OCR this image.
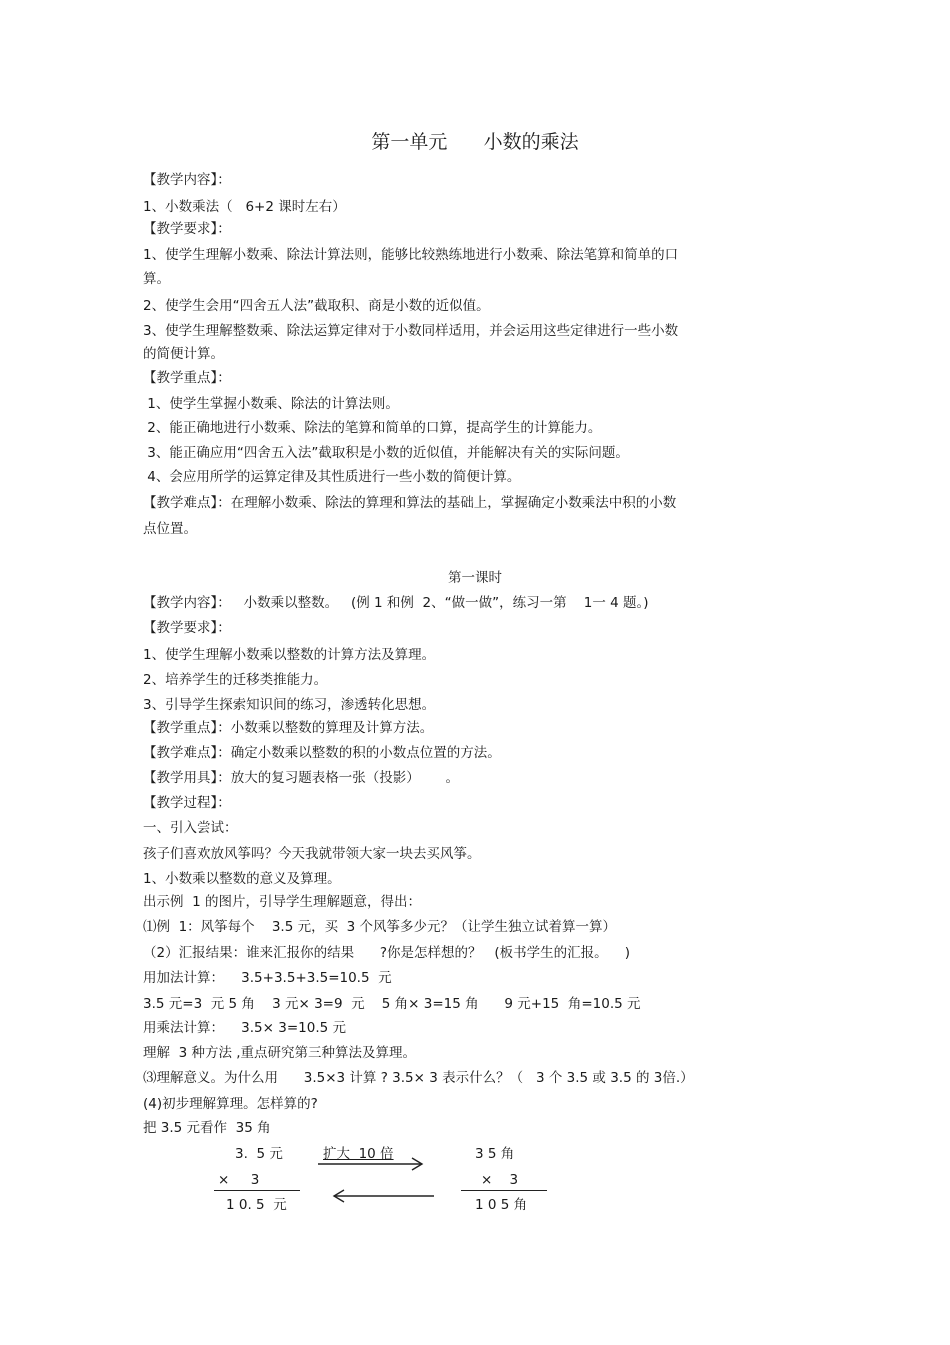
第一单元      小数的乘法
【教学内容】：
1、小数乘法（   6+2 课时左右）
【教学要求】：
1、使学生理解小数乘、除法计算法则，能够比较熟练地进行小数乘、除法笔算和简单的口
算。
2、使学生会用“四舍五人法”截取积、商是小数的近似值。
3、使学生理解整数乘、除法运算定律对于小数同样适用，并会运用这些定律进行一些小数
的简便计算。
【教学重点】：
1、使学生掌握小数乘、除法的计算法则。
2、能正确地进行小数乘、除法的笔算和简单的口算，提高学生的计算能力。
3、能正确应用“四舍五入法”截取积是小数的近似值，并能解决有关的实际问题。
4、会应用所学的运算定律及其性质进行一些小数的简便计算。
【教学难点】：在理解小数乘、除法的算理和算法的基础上，掌握确定小数乘法中积的小数
点位置。
第一课时
【教学内容】：   小数乘以整数。   (例 1 和例  2、“做一做”，练习一第    1一 4 题。)
【教学要求】：
1、使学生理解小数乘以整数的计算方法及算理。
2、培养学生的迁移类推能力。
3、引导学生探索知识间的练习，渗透转化思想。
【教学重点】：小数乘以整数的算理及计算方法。
【教学难点】：确定小数乘以整数的积的小数点位置的方法。
【教学用具】：放大的复习题表格一张（投影）      。
【教学过程】：
一、引入尝试：
孩子们喜欢放风筝吗？今天我就带领大家一块去买风筝。
1、小数乘以整数的意义及算理。
出示例  1 的图片，引导学生理解题意，得出：
⑴例  1：风筝每个    3.5 元，买  3 个风筝多少元？（让学生独立试着算一算）
（2）汇报结果：谁来汇报你的结果      ?你是怎样想的？   (板书学生的汇报。    )
用加法计算：    3.5+3.5+3.5=10.5  元
3.5 元=3  元 5 角    3 元× 3=9  元    5 角× 3=15 角      9 元+15  角=10.5 元
用乘法计算：    3.5× 3=10.5 元
理解  3 种方法 ,重点研究第三种算法及算理。
⑶理解意义。为什么用      3.5×3 计算 ? 3.5× 3 表示什么？（   3 个 3.5 或 3.5 的 3倍.）
(4)初步理解算理。怎样算的?
把 3.5 元看作  35 角
3.  5 元
×     3
1 0. 5  元
扩大  10 倍	3 5 角
×    3
1 0 5 角
